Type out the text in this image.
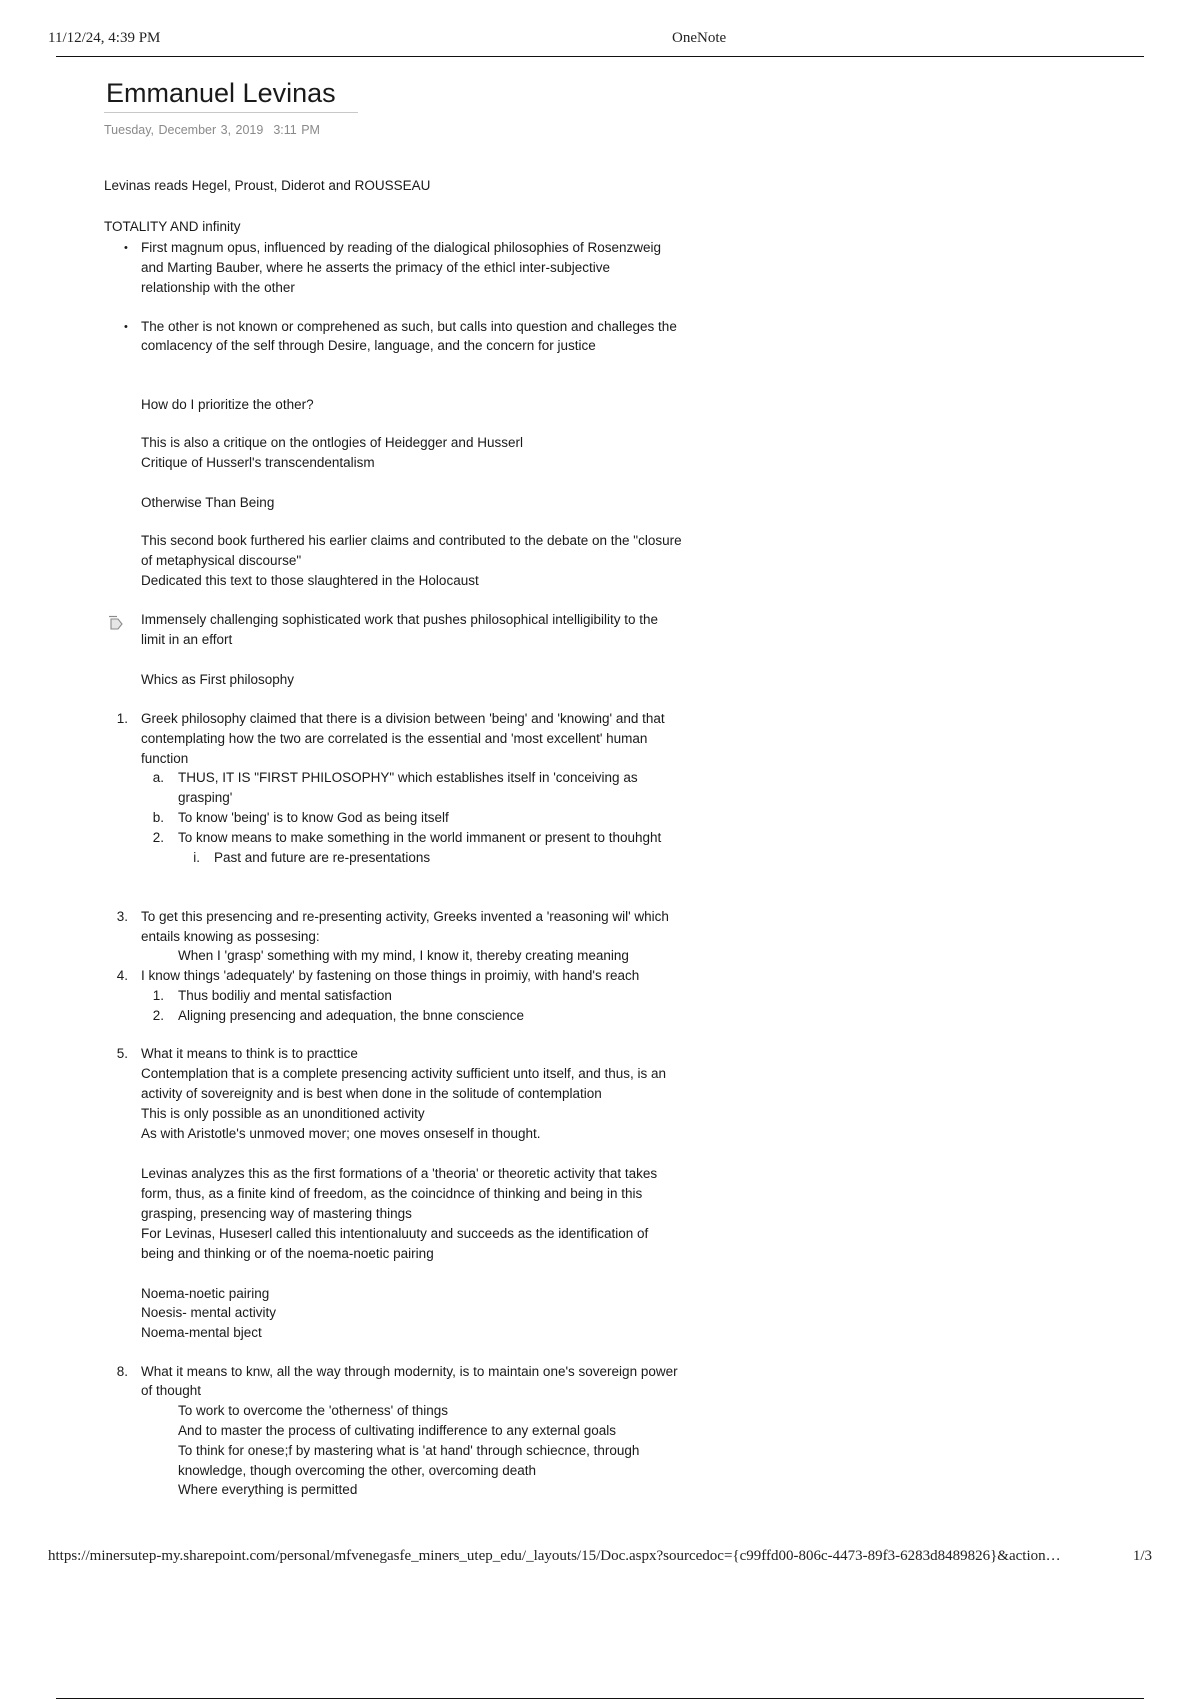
11/12/24, 4:39 PM	OneNote
Emmanuel Levinas
Tuesday, December 3, 2019 3:11 PM
Levinas reads Hegel, Proust, Diderot and ROUSSEAU
TOTALITY AND infinity
• First magnum opus, influenced by reading of the dialogical philosophies of Rosenzweig
and Marting Bauber, where he asserts the primacy of the ethicl inter-subjective
relationship with the other
• The other is not known or comprehened as such, but calls into question and challeges the
comlacency of the self through Desire, language, and the concern for justice
How do I prioritize the other?
This is also a critique on the ontlogies of Heidegger and Husserl
Critique of Husserl's transcendentalism
Otherwise Than Being
This second book furthered his earlier claims and contributed to the debate on the "closure
of metaphysical discourse"
Dedicated this text to those slaughtered in the Holocaust
Immensely challenging sophisticated work that pushes philosophical intelligibility to the
limit in an effort
Whics as First philosophy
1. Greek philosophy claimed that there is a division between 'being' and 'knowing' and that
contemplating how the two are correlated is the essential and 'most excellent' human
function
a. THUS, IT IS "FIRST PHILOSOPHY" which establishes itself in 'conceiving as
grasping'
b. To know 'being' is to know God as being itself
2. To know means to make something in the world immanent or present to thouhght
i. Past and future are re-presentations
3. To get this presencing and re-presenting activity, Greeks invented a 'reasoning wil' which
entails knowing as possesing:
When I 'grasp' something with my mind, I know it, thereby creating meaning
4. I know things 'adequately' by fastening on those things in proimiy, with hand's reach
1. Thus bodiliy and mental satisfaction
2. Aligning presencing and adequation, the bnne conscience
5. What it means to think is to practtice
Contemplation that is a complete presencing activity sufficient unto itself, and thus, is an
activity of sovereignity and is best when done in the solitude of contemplation
This is only possible as an unonditioned activity
As with Aristotle's unmoved mover; one moves onseself in thought.
Levinas analyzes this as the first formations of a 'theoria' or theoretic activity that takes
form, thus, as a finite kind of freedom, as the coincidnce of thinking and being in this
grasping, presencing way of mastering things
For Levinas, Huseserl called this intentionaluuty and succeeds as the identification of
being and thinking or of the noema-noetic pairing
Noema-noetic pairing
Noesis- mental activity
Noema-mental bject
8. What it means to knw, all the way through modernity, is to maintain one's sovereign power
of thought
To work to overcome the 'otherness' of things
And to master the process of cultivating indifference to any external goals
To think for onese;f by mastering what is 'at hand' through schiecnce, through
knowledge, though overcoming the other, overcoming death
Where everything is permitted
https://minersutep-my.sharepoint.com/personal/mfvenegasfe_miners_utep_edu/_layouts/15/Doc.aspx?sourcedoc={c99ffd00-806c-4473-89f3-6283d8489826}&action…	1/3
